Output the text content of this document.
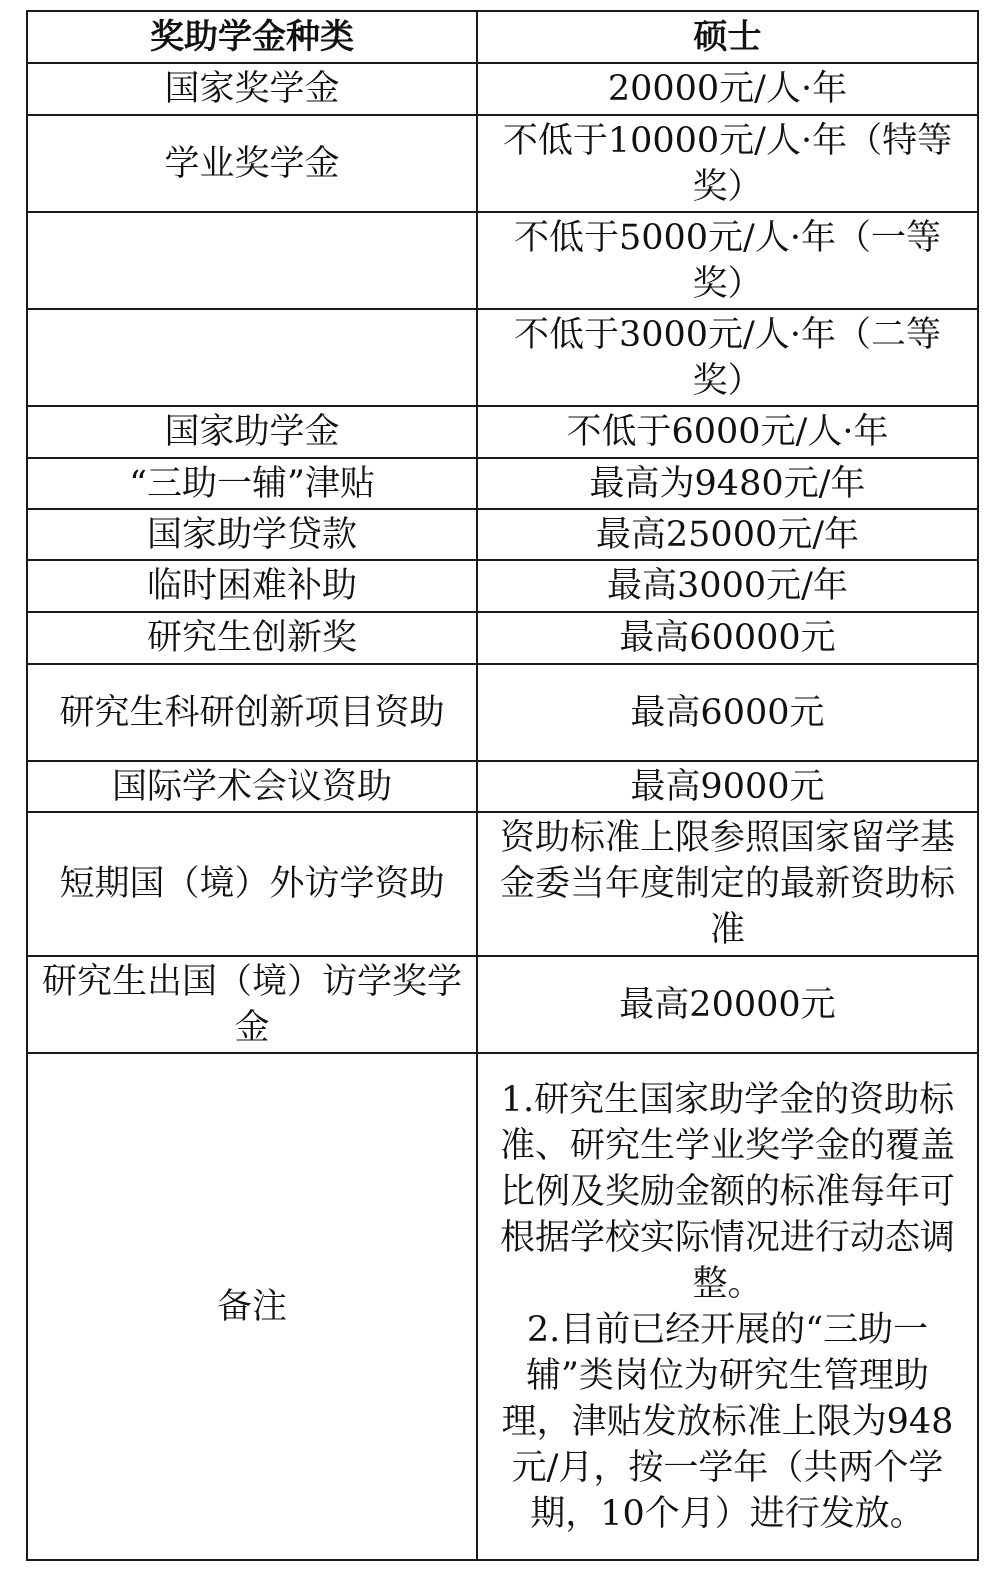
奖助学金种类	硕士
国家奖学金	20000元/人·年
学业奖学金	不低于10000元/人·年（特等奖）
	不低于5000元/人·年（一等奖）
	不低于3000元/人·年（二等奖）
国家助学金	不低于6000元/人·年
“三助一辅”津贴	最高为9480元/年
国家助学贷款	最高25000元/年
临时困难补助	最高3000元/年
研究生创新奖	最高60000元
研究生科研创新项目资助	最高6000元
国际学术会议资助	最高9000元
短期国（境）外访学资助	资助标准上限参照国家留学基金委当年度制定的最新资助标准
研究生出国（境）访学奖学金	最高20000元
备注	1.研究生国家助学金的资助标准、研究生学业奖学金的覆盖比例及奖励金额的标准每年可根据学校实际情况进行动态调整。
2.目前已经开展的“三助一辅”类岗位为研究生管理助理，津贴发放标准上限为948元/月，按一学年（共两个学期，10个月）进行发放。
